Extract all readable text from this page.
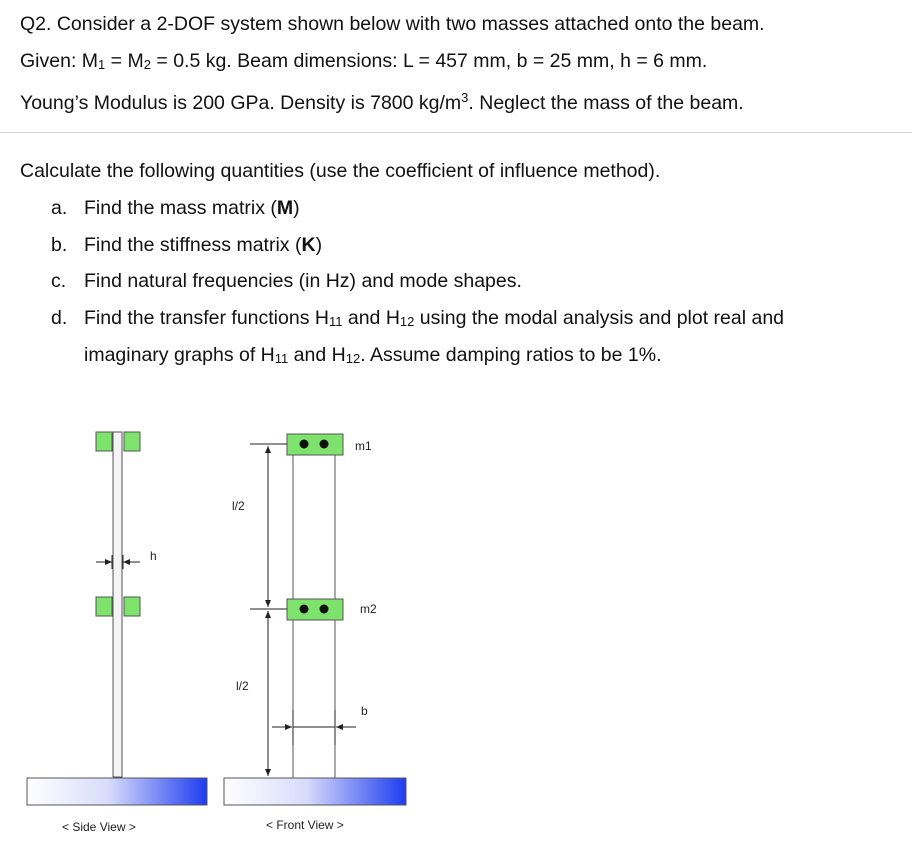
Q2. Consider a 2-DOF system shown below with two masses attached onto the beam.
Given: $M_1 = M_2 = 0.5$ kg. Beam dimensions: L = 457 mm, b = 25 mm, h = 6 mm.
Young’s Modulus is 200 GPa. Density is 7800 $kg/m^3$. Neglect the mass of the beam.
Calculate the following quantities (use the coefficient of influence method).
a. Find the mass matrix (M)
b. Find the stiffness matrix (K)
c. Find natural frequencies (in Hz) and mode shapes.
d. Find the transfer functions $H_{11}$ and $H_{12}$ using the modal analysis and plot real and
imaginary graphs of $H_{11}$ and $H_{12}$. Assume damping ratios to be 1%.
h
< Side View >
m1
m2
l/2
l/2
b
< Front View >
